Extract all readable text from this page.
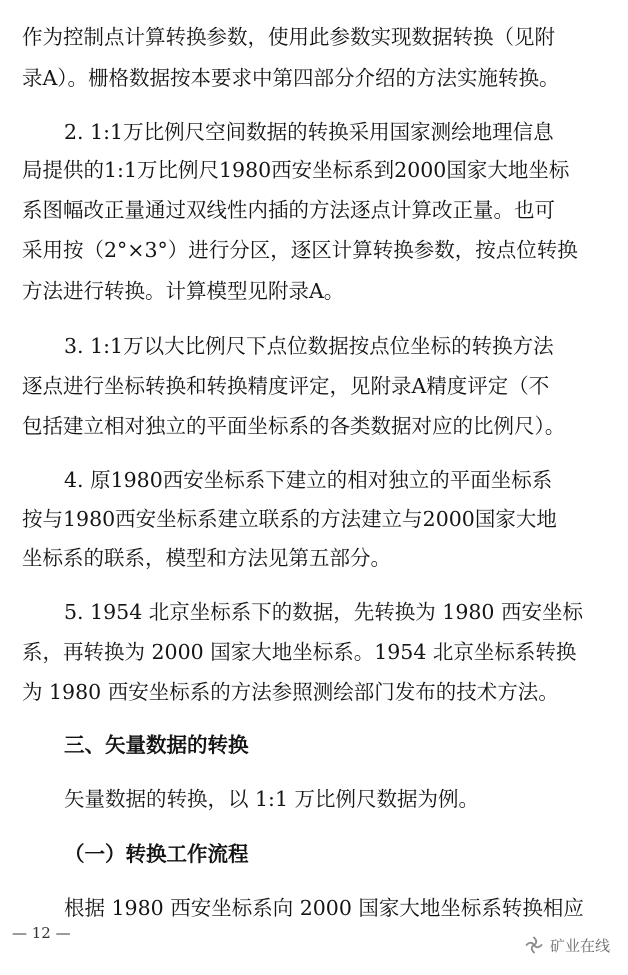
作为控制点计算转换参数，使用此参数实现数据转换（见附
录A）。栅格数据按本要求中第四部分介绍的方法实施转换。
2. 1:1万比例尺空间数据的转换采用国家测绘地理信息
局提供的1:1万比例尺1980西安坐标系到2000国家大地坐标
系图幅改正量通过双线性内插的方法逐点计算改正量。也可
采用按（2°×3°）进行分区，逐区计算转换参数，按点位转换
方法进行转换。计算模型见附录A。
3. 1:1万以大比例尺下点位数据按点位坐标的转换方法
逐点进行坐标转换和转换精度评定，见附录A精度评定（不
包括建立相对独立的平面坐标系的各类数据对应的比例尺）。
4. 原1980西安坐标系下建立的相对独立的平面坐标系
按与1980西安坐标系建立联系的方法建立与2000国家大地
坐标系的联系，模型和方法见第五部分。
5. 1954 北京坐标系下的数据，先转换为 1980 西安坐标
系，再转换为 2000 国家大地坐标系。1954 北京坐标系转换
为 1980 西安坐标系的方法参照测绘部门发布的技术方法。
三、矢量数据的转换
矢量数据的转换，以 1:1 万比例尺数据为例。
（一）转换工作流程
根据 1980 西安坐标系向 2000 国家大地坐标系转换相应
— 12 —
矿业在线
